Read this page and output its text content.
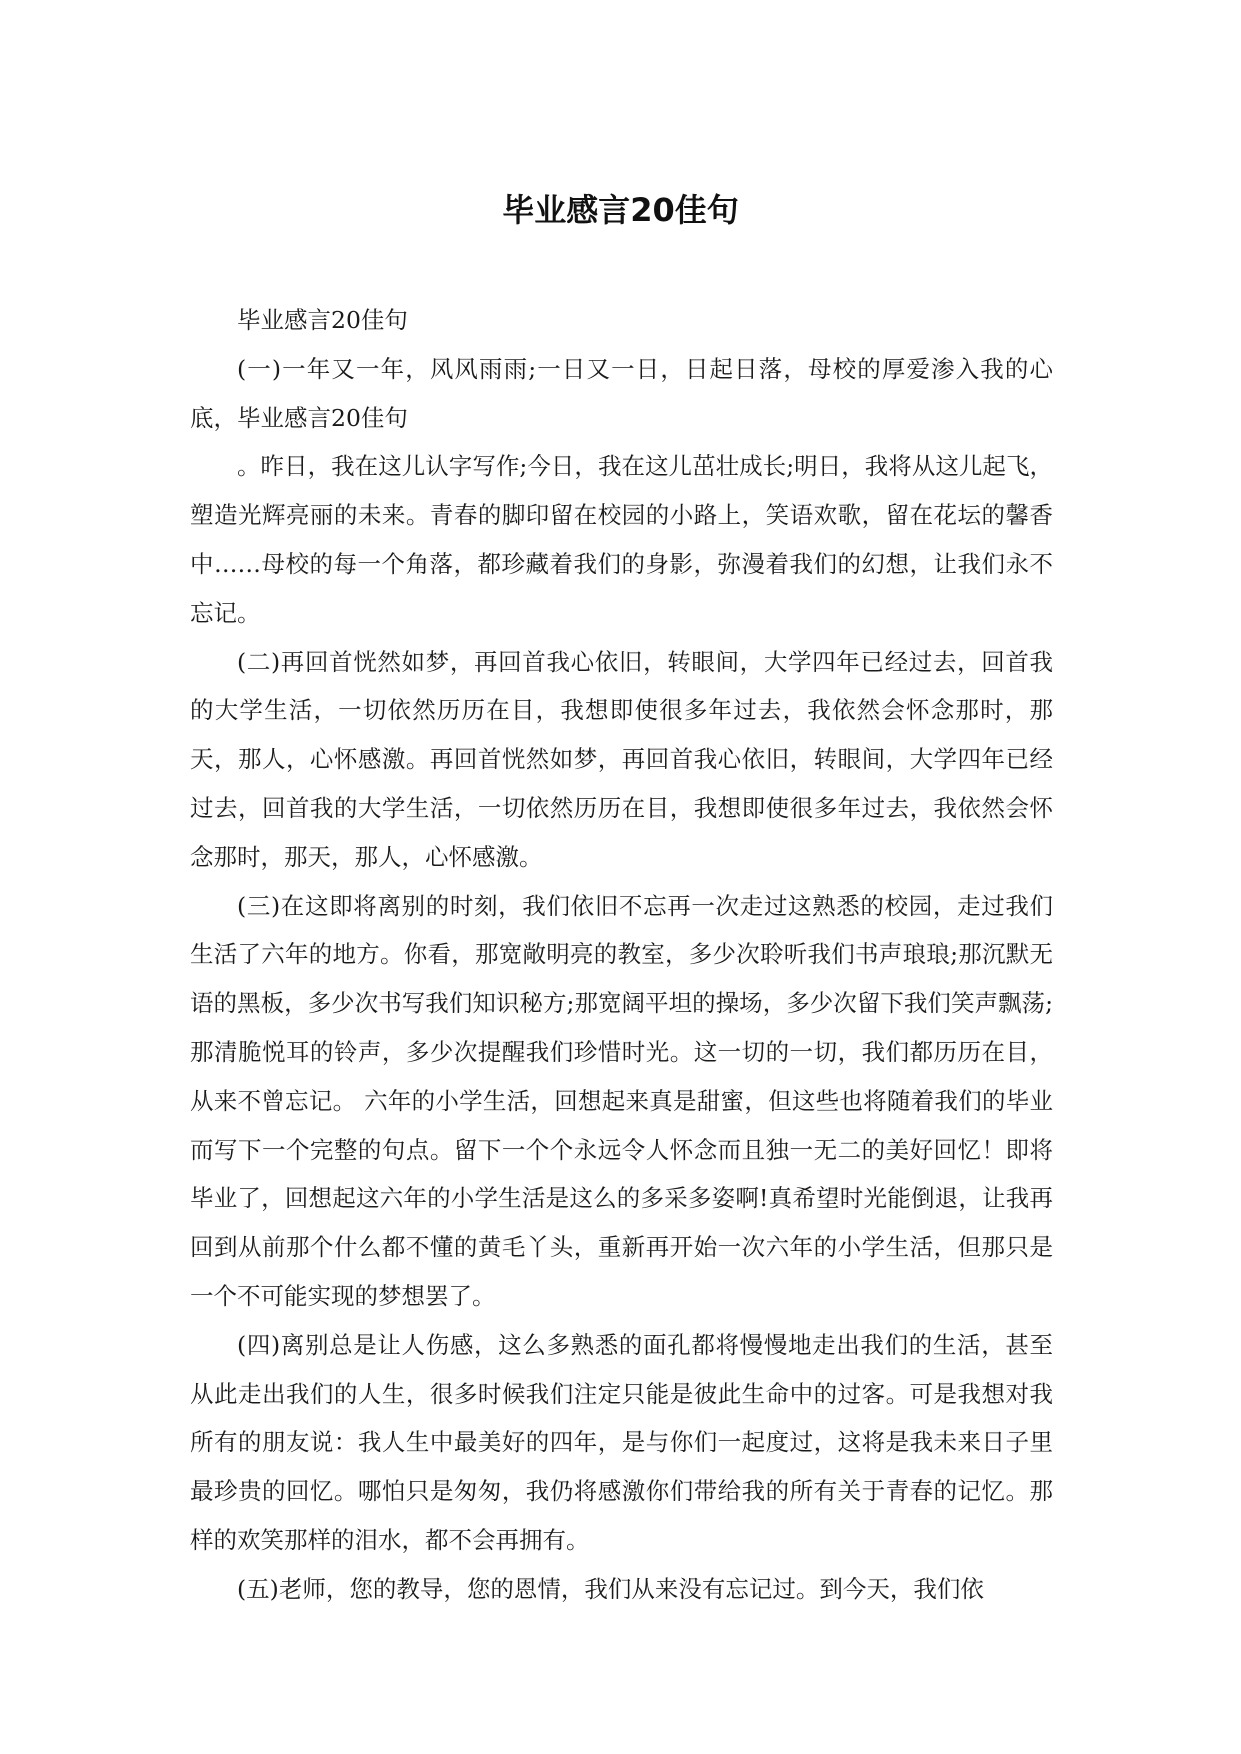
毕业感言20佳句

毕业感言20佳句

(一)一年又一年，风风雨雨;一日又一日，日起日落，母校的厚爱渗入我的心底，毕业感言20佳句

。昨日，我在这儿认字写作;今日，我在这儿茁壮成长;明日，我将从这儿起飞，塑造光辉亮丽的未来。青春的脚印留在校园的小路上，笑语欢歌，留在花坛的馨香中……母校的每一个角落，都珍藏着我们的身影，弥漫着我们的幻想，让我们永不忘记。

(二)再回首恍然如梦，再回首我心依旧，转眼间，大学四年已经过去，回首我的大学生活，一切依然历历在目，我想即使很多年过去，我依然会怀念那时，那天，那人，心怀感激。再回首恍然如梦，再回首我心依旧，转眼间，大学四年已经过去，回首我的大学生活，一切依然历历在目，我想即使很多年过去，我依然会怀念那时，那天，那人，心怀感激。

(三)在这即将离别的时刻，我们依旧不忘再一次走过这熟悉的校园，走过我们生活了六年的地方。你看，那宽敞明亮的教室，多少次聆听我们书声琅琅;那沉默无语的黑板，多少次书写我们知识秘方;那宽阔平坦的操场，多少次留下我们笑声飘荡;那清脆悦耳的铃声，多少次提醒我们珍惜时光。这一切的一切，我们都历历在目，从来不曾忘记。 六年的小学生活，回想起来真是甜蜜，但这些也将随着我们的毕业而写下一个完整的句点。留下一个个永远令人怀念而且独一无二的美好回忆！即将毕业了，回想起这六年的小学生活是这么的多采多姿啊!真希望时光能倒退，让我再回到从前那个什么都不懂的黄毛丫头，重新再开始一次六年的小学生活，但那只是一个不可能实现的梦想罢了。

(四)离别总是让人伤感，这么多熟悉的面孔都将慢慢地走出我们的生活，甚至从此走出我们的人生，很多时候我们注定只能是彼此生命中的过客。可是我想对我所有的朋友说：我人生中最美好的四年，是与你们一起度过，这将是我未来日子里最珍贵的回忆。哪怕只是匆匆，我仍将感激你们带给我的所有关于青春的记忆。那样的欢笑那样的泪水，都不会再拥有。

(五)老师，您的教导，您的恩情，我们从来没有忘记过。到今天，我们依
